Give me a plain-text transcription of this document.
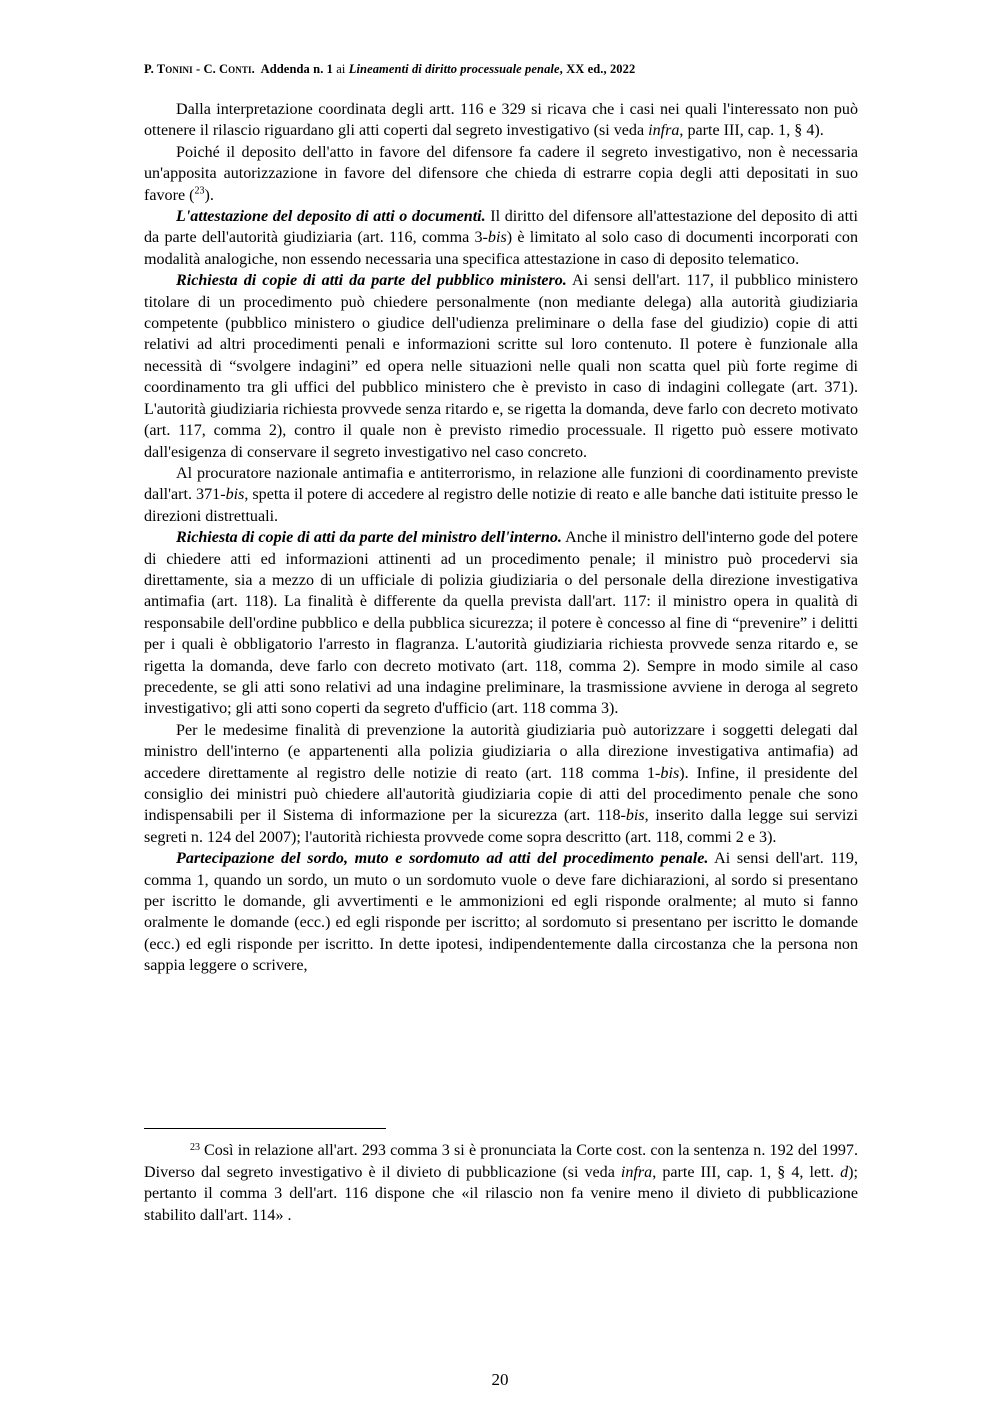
P. Tonini - C. Conti. Addenda n. 1 ai Lineamenti di diritto processuale penale, XX ed., 2022

Dalla interpretazione coordinata degli artt. 116 e 329 si ricava che i casi nei quali l'interessato non può ottenere il rilascio riguardano gli atti coperti dal segreto investigativo (si veda infra, parte III, cap. 1, § 4).

Poiché il deposito dell'atto in favore del difensore fa cadere il segreto investigativo, non è necessaria un'apposita autorizzazione in favore del difensore che chieda di estrarre copia degli atti depositati in suo favore ($^{23}$).

L'attestazione del deposito di atti o documenti. Il diritto del difensore all'attestazione del deposito di atti da parte dell'autorità giudiziaria (art. 116, comma 3-bis) è limitato al solo caso di documenti incorporati con modalità analogiche, non essendo necessaria una specifica attestazione in caso di deposito telematico.

Richiesta di copie di atti da parte del pubblico ministero. Ai sensi dell'art. 117, il pubblico ministero titolare di un procedimento può chiedere personalmente (non mediante delega) alla autorità giudiziaria competente (pubblico ministero o giudice dell'udienza preliminare o della fase del giudizio) copie di atti relativi ad altri procedimenti penali e informazioni scritte sul loro contenuto. Il potere è funzionale alla necessità di “svolgere indagini” ed opera nelle situazioni nelle quali non scatta quel più forte regime di coordinamento tra gli uffici del pubblico ministero che è previsto in caso di indagini collegate (art. 371). L'autorità giudiziaria richiesta provvede senza ritardo e, se rigetta la domanda, deve farlo con decreto motivato (art. 117, comma 2), contro il quale non è previsto rimedio processuale. Il rigetto può essere motivato dall'esigenza di conservare il segreto investigativo nel caso concreto.

Al procuratore nazionale antimafia e antiterrorismo, in relazione alle funzioni di coordinamento previste dall'art. 371-bis, spetta il potere di accedere al registro delle notizie di reato e alle banche dati istituite presso le direzioni distrettuali.

Richiesta di copie di atti da parte del ministro dell'interno. Anche il ministro dell'interno gode del potere di chiedere atti ed informazioni attinenti ad un procedimento penale; il ministro può procedervi sia direttamente, sia a mezzo di un ufficiale di polizia giudiziaria o del personale della direzione investigativa antimafia (art. 118). La finalità è differente da quella prevista dall'art. 117: il ministro opera in qualità di responsabile dell'ordine pubblico e della pubblica sicurezza; il potere è concesso al fine di “prevenire” i delitti per i quali è obbligatorio l'arresto in flagranza. L'autorità giudiziaria richiesta provvede senza ritardo e, se rigetta la domanda, deve farlo con decreto motivato (art. 118, comma 2). Sempre in modo simile al caso precedente, se gli atti sono relativi ad una indagine preliminare, la trasmissione avviene in deroga al segreto investigativo; gli atti sono coperti da segreto d'ufficio (art. 118 comma 3).

Per le medesime finalità di prevenzione la autorità giudiziaria può autorizzare i soggetti delegati dal ministro dell'interno (e appartenenti alla polizia giudiziaria o alla direzione investigativa antimafia) ad accedere direttamente al registro delle notizie di reato (art. 118 comma 1-bis). Infine, il presidente del consiglio dei ministri può chiedere all'autorità giudiziaria copie di atti del procedimento penale che sono indispensabili per il Sistema di informazione per la sicurezza (art. 118-bis, inserito dalla legge sui servizi segreti n. 124 del 2007); l'autorità richiesta provvede come sopra descritto (art. 118, commi 2 e 3).

Partecipazione del sordo, muto e sordomuto ad atti del procedimento penale. Ai sensi dell'art. 119, comma 1, quando un sordo, un muto o un sordomuto vuole o deve fare dichiarazioni, al sordo si presentano per iscritto le domande, gli avvertimenti e le ammonizioni ed egli risponde oralmente; al muto si fanno oralmente le domande (ecc.) ed egli risponde per iscritto; al sordomuto si presentano per iscritto le domande (ecc.) ed egli risponde per iscritto. In dette ipotesi, indipendentemente dalla circostanza che la persona non sappia leggere o scrivere,

23 Così in relazione all'art. 293 comma 3 si è pronunciata la Corte cost. con la sentenza n. 192 del 1997. Diverso dal segreto investigativo è il divieto di pubblicazione (si veda infra, parte III, cap. 1, § 4, lett. d); pertanto il comma 3 dell'art. 116 dispone che «il rilascio non fa venire meno il divieto di pubblicazione stabilito dall'art. 114» .
20
